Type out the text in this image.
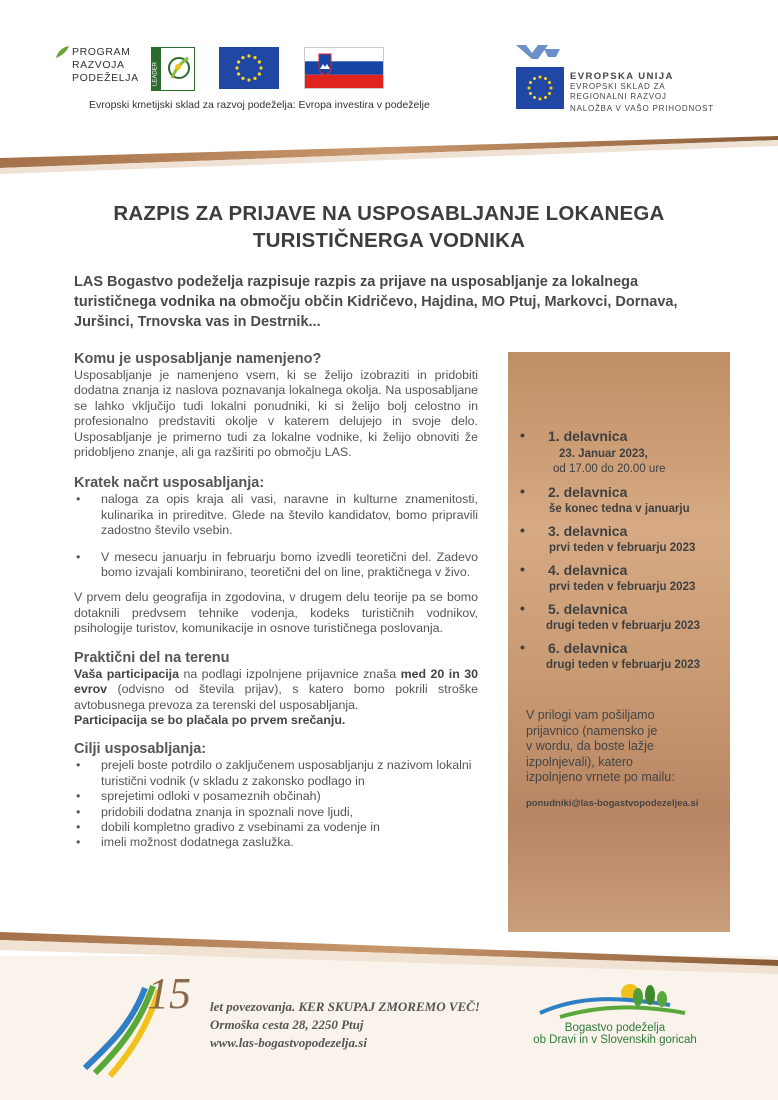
PROGRAM
RAZVOJA
PODEŽELJA LEADER
Evropski kmetijski sklad za razvoj podeželja: Evropa investira v podeželje
EVROPSKA UNIJA
EVROPSKI SKLAD ZA
REGIONALNI RAZVOJ
NALOŽBA V VAŠO PRIHODNOST
RAZPIS ZA PRIJAVE NA USPOSABLJANJE LOKANEGA
TURISTIČNERGA VODNIKA
LAS Bogastvo podeželja razpisuje razpis za prijave na usposabljanje za lokalnega turističnega vodnika na območju občin Kidričevo, Hajdina, MO Ptuj, Markovci, Dornava, Juršinci, Trnovska vas in Destrnik...
Komu je usposabljanje namenjeno?

Usposabljanje je namenjeno vsem, ki se želijo izobraziti in pridobiti dodatna znanja iz naslova poznavanja lokalnega okolja. Na usposabljane se lahko vključijo tudi lokalni ponudniki, ki si želijo bolj celostno in profesionalno predstaviti okolje v katerem delujejo in svoje delo. Usposabljanje je primerno tudi za lokalne vodnike, ki želijo obnoviti že pridobljeno znanje, ali ga razširiti po območju LAS.

Kratek načrt usposabljanja:
• naloga za opis kraja ali vasi, naravne in kulturne znamenitosti, kulinarika in prireditve. Glede na število kandidatov, bomo pripravili zadostno število vsebin.
• V mesecu januarju in februarju bomo izvedli teoretični del. Zadevo bomo izvajali kombinirano, teoretični del on line, praktičnega v živo.

V prvem delu geografija in zgodovina, v drugem delu teorije pa se bomo dotaknili predvsem tehnike vodenja, kodeks turističnih vodnikov, psihologije turistov, komunikacije in osnove turističnega poslovanja.

Praktični del na terenu

Vaša participacija na podlagi izpolnjene prijavnice znaša med 20 in 30 evrov (odvisno od števila prijav), s katero bomo pokrili stroške avtobusnega prevoza za terenski del usposabljanja.

Participacija se bo plačala po prvem srečanju.

Cilji usposabljanja:
• prejeli boste potrdilo o zaključenem usposabljanju z nazivom lokalni turistični vodnik (v skladu z zakonsko podlago in
• sprejetimi odloki v posameznih občinah)
• pridobili dodatna znanja in spoznali nove ljudi,
• dobili kompletno gradivo z vsebinami za vodenje in
• imeli možnost dodatnega zaslužka.
• 1. delavnica
23. Januar 2023,
od 17.00 do 20.00 ure
• 2. delavnica
še konec tedna v januarju
• 3. delavnica
prvi teden v februarju 2023
• 4. delavnica
prvi teden v februarju 2023
• 5. delavnica
drugi teden v februarju 2023
• 6. delavnica
drugi teden v februarju 2023
V prilogi vam pošiljamo
prijavnico (namensko je
v wordu, da boste lažje
izpolnjevali), katero
izpolnjeno vrnete po mailu:
ponudniki@las-bogastvopodezeljea.si
15 let povezovanja. KER SKUPAJ ZMOREMO VEČ!
Ormoška cesta 28, 2250 Ptuj
www.las-bogastvopodezelja.si
Bogastvo podeželja
ob Dravi in v Slovenskih goricah
